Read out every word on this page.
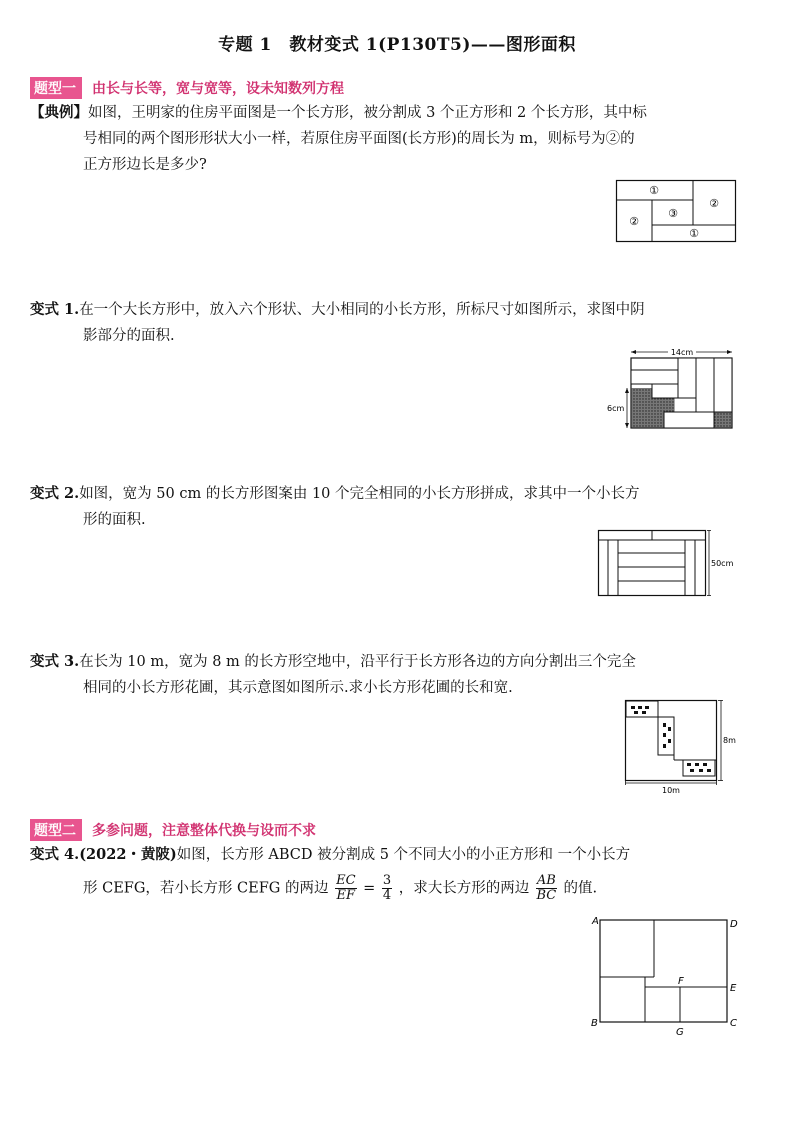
专题 1　教材变式 1(P130T5)——图形面积
题型一	由长与长等，宽与宽等，设未知数列方程
【典例】如图，王明家的住房平面图是一个长方形，被分割成 3 个正方形和 2 个长方形，其中标
号相同的两个图形形状大小一样，若原住房平面图(长方形)的周长为 m，则标号为②的
正方形边长是多少?
①
②
③
②
①
变式 1.在一个大长方形中，放入六个形状、大小相同的小长方形，所标尺寸如图所示，求图中阴
影部分的面积.
14cm
6cm
变式 2.如图，宽为 50 cm 的长方形图案由 10 个完全相同的小长方形拼成，求其中一个小长方
形的面积.
50cm
变式 3.在长为 10 m，宽为 8 m 的长方形空地中，沿平行于长方形各边的方向分割出三个完全
相同的小长方形花圃，其示意图如图所示.求小长方形花圃的长和宽.
8m
10m
题型二	多参问题，注意整体代换与设而不求
变式 4.(2022・黄陂)如图，长方形 ABCD 被分割成 5 个不同大小的小正方形和 一个小长方
形 CEFG，若小长方形 CEFG 的两边 $\frac{EC}{EF} = \frac{3}{4}$ ，求大长方形的两边 $\frac{AB}{BC}$ 的值.
A	D
E
F
B	C
G
